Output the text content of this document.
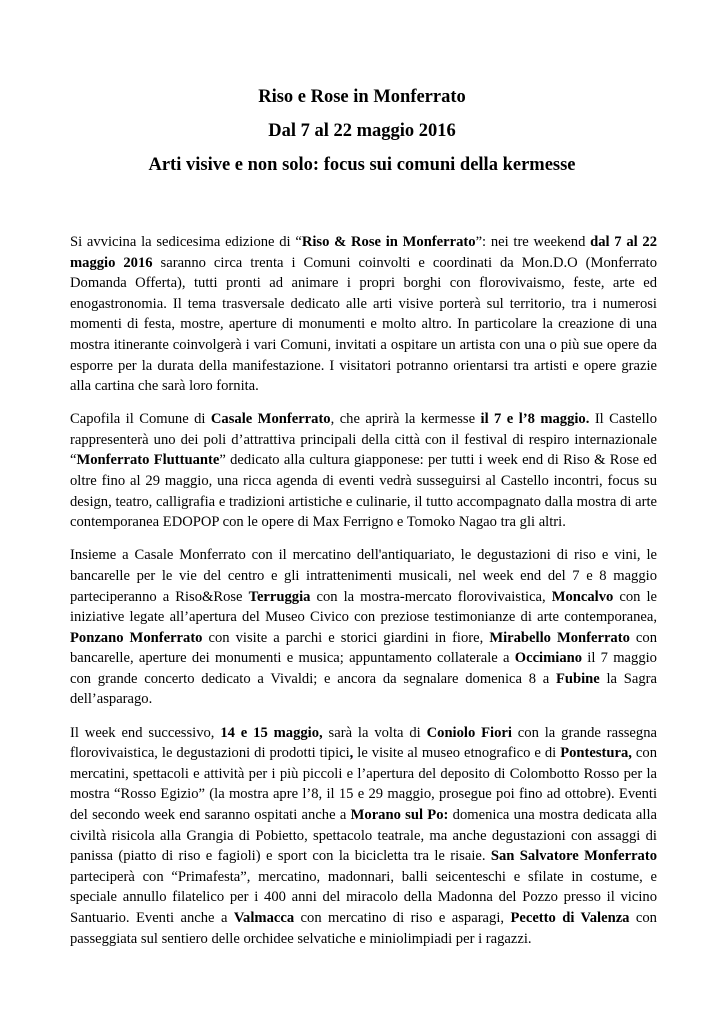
Riso e Rose in Monferrato
Dal 7 al 22 maggio 2016
Arti visive e non solo: focus sui comuni della kermesse

Si avvicina la sedicesima edizione di “Riso & Rose in Monferrato”: nei tre weekend dal 7 al 22 maggio 2016 saranno circa trenta i Comuni coinvolti e coordinati da Mon.D.O (Monferrato Domanda Offerta), tutti pronti ad animare i propri borghi con florovivaismo, feste, arte ed enogastronomia. Il tema trasversale dedicato alle arti visive porterà sul territorio, tra i numerosi momenti di festa, mostre, aperture di monumenti e molto altro. In particolare la creazione di una mostra itinerante coinvolgerà i vari Comuni, invitati a ospitare un artista con una o più sue opere da esporre per la durata della manifestazione. I visitatori potranno orientarsi tra artisti e opere grazie alla cartina che sarà loro fornita.

Capofila il Comune di Casale Monferrato, che aprirà la kermesse il 7 e l’8 maggio. Il Castello rappresenterà uno dei poli d’attrattiva principali della città con il festival di respiro internazionale “Monferrato Fluttuante” dedicato alla cultura giapponese: per tutti i week end di Riso & Rose ed oltre fino al 29 maggio, una ricca agenda di eventi vedrà susseguirsi al Castello incontri, focus su design, teatro, calligrafia e tradizioni artistiche e culinarie, il tutto accompagnato dalla mostra di arte contemporanea EDOPOP con le opere di Max Ferrigno e Tomoko Nagao tra gli altri.

Insieme a Casale Monferrato con il mercatino dell'antiquariato, le degustazioni di riso e vini, le bancarelle per le vie del centro e gli intrattenimenti musicali, nel week end del 7 e 8 maggio parteciperanno a Riso&Rose Terruggia con la mostra-mercato florovivaistica, Moncalvo con le iniziative legate all’apertura del Museo Civico con preziose testimonianze di arte contemporanea, Ponzano Monferrato con visite a parchi e storici giardini in fiore, Mirabello Monferrato con bancarelle, aperture dei monumenti e musica; appuntamento collaterale a Occimiano il 7 maggio con grande concerto dedicato a Vivaldi; e ancora da segnalare domenica 8 a Fubine la Sagra dell’asparago.

Il week end successivo, 14 e 15 maggio, sarà la volta di Coniolo Fiori con la grande rassegna florovivaistica, le degustazioni di prodotti tipici, le visite al museo etnografico e di Pontestura, con mercatini, spettacoli e attività per i più piccoli e l’apertura del deposito di Colombotto Rosso per la mostra “Rosso Egizio” (la mostra apre l’8, il 15 e 29 maggio, prosegue poi fino ad ottobre). Eventi del secondo week end saranno ospitati anche a Morano sul Po: domenica una mostra dedicata alla civiltà risicola alla Grangia di Pobietto, spettacolo teatrale, ma anche degustazioni con assaggi di panissa (piatto di riso e fagioli) e sport con la bicicletta tra le risaie. San Salvatore Monferrato parteciperà con “Primafesta”, mercatino, madonnari, balli seicenteschi e sfilate in costume, e speciale annullo filatelico per i 400 anni del miracolo della Madonna del Pozzo presso il vicino Santuario. Eventi anche a Valmacca con mercatino di riso e asparagi, Pecetto di Valenza con passeggiata sul sentiero delle orchidee selvatiche e miniolimpiadi per i ragazzi.
